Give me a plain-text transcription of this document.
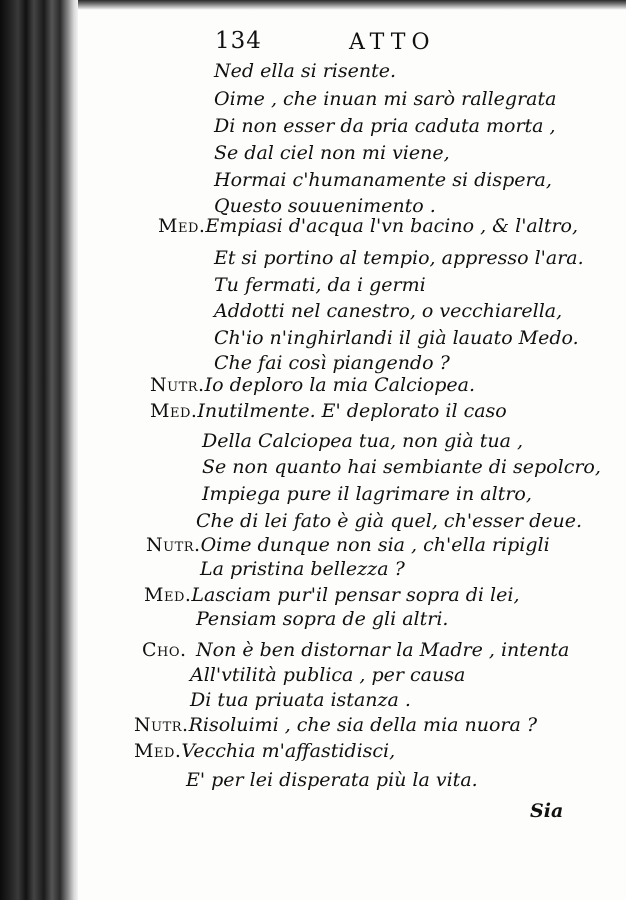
134	ATTO
Ned ella si risente.
Oime , che inuan mi sarò rallegrata
Di non esser da pria caduta morta ,
Se dal ciel non mi viene,
Hormai c'humanamente si dispera,
Questo souuenimento .
Med.Empiasi d'acqua l'vn bacino , & l'altro,
Et si portino al tempio, appresso l'ara.
Tu fermati, da i germi
Addotti nel canestro, o vecchiarella,
Ch'io n'inghirlandi il già lauato Medo.
Che fai così piangendo ?
Nutr.Io deploro la mia Calciopea.
Med.Inutilmente. E' deplorato il caso
Della Calciopea tua, non già tua ,
Se non quanto hai sembiante di sepolcro,
Impiega pure il lagrimare in altro,
Che di lei fato è già quel, ch'esser deue.
Nutr.Oime dunque non sia , ch'ella ripigli
La pristina bellezza ?
Med.Lasciam pur'il pensar sopra di lei,
Pensiam sopra de gli altri.
Cho. Non è ben distornar la Madre , intenta
All'vtilità publica , per causa
Di tua priuata istanza .
Nutr.Risoluimi , che sia della mia nuora ?
Med.Vecchia m'affastidisci,
E' per lei disperata più la vita.
Sia
